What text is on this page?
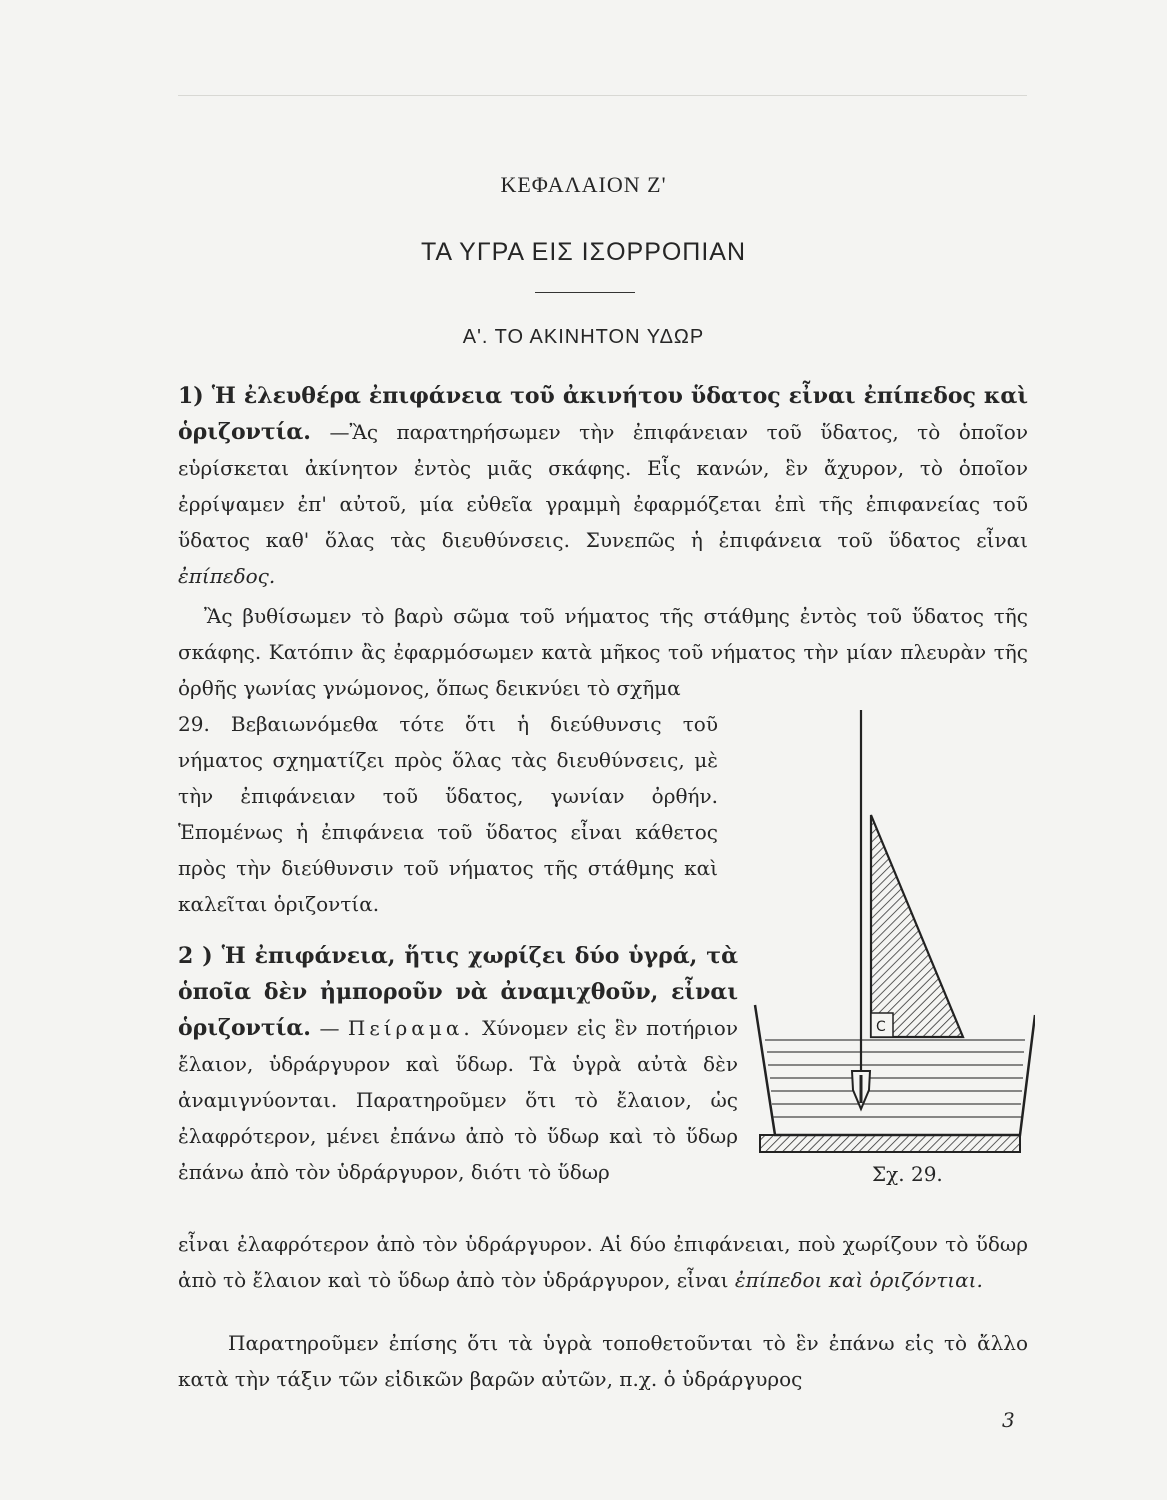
ΚΕΦΑΛΑΙΟΝ Ζ'
ΤΑ ΥΓΡΑ ΕΙΣ ΙΣΟΡΡΟΠΙΑΝ
Α'. ΤΟ ΑΚΙΝΗΤΟΝ ΥΔΩΡ

1) Ἡ ἐλευθέρα ἐπιφάνεια τοῦ ἀκινήτου ὕδατος εἶναι ἐπίπεδος καὶ ὁριζοντία. —Ἂς παρατηρήσωμεν τὴν ἐπιφάνειαν τοῦ ὕδατος, τὸ ὁποῖον εὑρίσκεται ἀκίνητον ἐντὸς μιᾶς σκάφης. Εἷς κανών, ἓν ἄχυρον, τὸ ὁποῖον ἐρρίψαμεν ἐπ' αὐτοῦ, μία εὐθεῖα γραμμὴ ἐφαρμόζεται ἐπὶ τῆς ἐπιφανείας τοῦ ὕδατος καθ' ὅλας τὰς διευθύνσεις. Συνεπῶς ἡ ἐπιφάνεια τοῦ ὕδατος εἶναι ἐπίπεδος.

Ἂς βυθίσωμεν τὸ βαρὺ σῶμα τοῦ νήματος τῆς στάθμης ἐντὸς τοῦ ὕδατος τῆς σκάφης. Κατόπιν ἂς ἐφαρμόσωμεν κατὰ μῆκος τοῦ νήματος τὴν μίαν πλευρὰν τῆς ὀρθῆς γωνίας γνώμονος, ὅπως δεικνύει τὸ σχῆμα

29. Βεβαιωνόμεθα τότε ὅτι ἡ διεύθυνσις τοῦ νήματος σχηματίζει πρὸς ὅλας τὰς διευθύνσεις, μὲ τὴν ἐπιφάνειαν τοῦ ὕδατος, γωνίαν ὀρθήν. Ἑπομένως ἡ ἐπιφάνεια τοῦ ὕδατος εἶναι κάθετος πρὸς τὴν διεύθυνσιν τοῦ νήματος τῆς στάθμης καὶ καλεῖται ὁριζοντία.

2 ) Ἡ ἐπιφάνεια, ἥτις χωρίζει δύο ὑγρά, τὰ ὁποῖα δὲν ἠμποροῦν νὰ ἀναμιχθοῦν, εἶναι ὁριζοντία. — Πείραμα. Χύνομεν εἰς ἓν ποτήριον ἔλαιον, ὑδράργυρον καὶ ὕδωρ. Τὰ ὑγρὰ αὐτὰ δὲν ἀναμιγνύονται. Παρατηροῦμεν ὅτι τὸ ἔλαιον, ὡς ἐλαφρότερον, μένει ἐπάνω ἀπὸ τὸ ὕδωρ καὶ τὸ ὕδωρ ἐπάνω ἀπὸ τὸν ὑδράργυρον, διότι τὸ ὕδωρ

εἶναι ἐλαφρότερον ἀπὸ τὸν ὑδράργυρον. Αἱ δύο ἐπιφάνειαι, ποὺ χωρίζουν τὸ ὕδωρ ἀπὸ τὸ ἔλαιον καὶ τὸ ὕδωρ ἀπὸ τὸν ὑδράργυρον, εἶναι ἐπίπεδοι καὶ ὁριζόντιαι.

Παρατηροῦμεν ἐπίσης ὅτι τὰ ὑγρὰ τοποθετοῦνται τὸ ἓν ἐπάνω εἰς τὸ ἄλλο κατὰ τὴν τάξιν τῶν εἰδικῶν βαρῶν αὐτῶν, π.χ. ὁ ὑδράργυρος

C
Σχ. 29.
3
